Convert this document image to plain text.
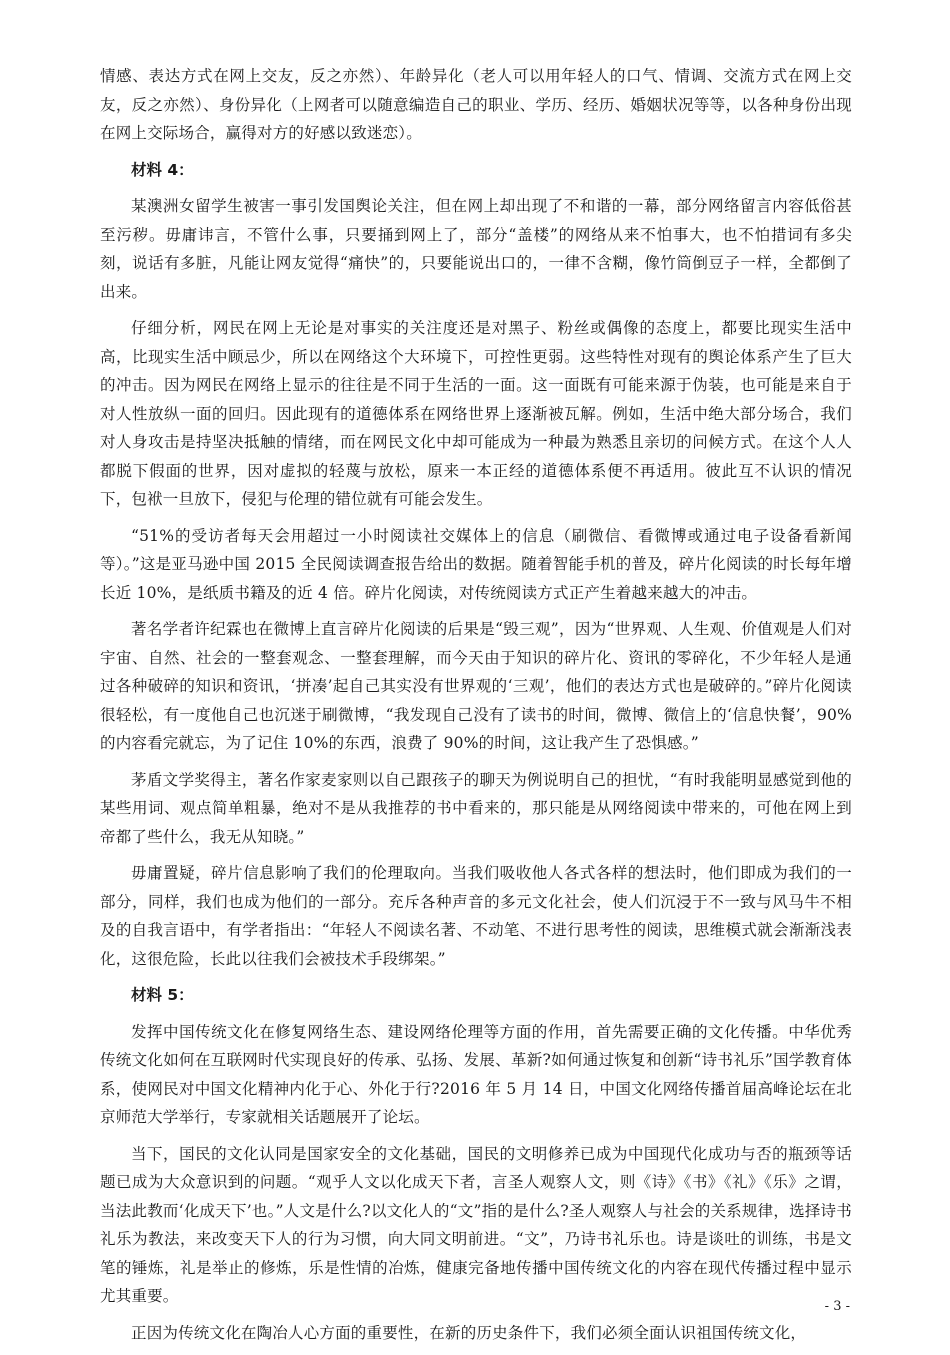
情感、表达方式在网上交友，反之亦然）、年龄异化（老人可以用年轻人的口气、情调、交流方式在网上交友，反之亦然）、身份异化（上网者可以随意编造自己的职业、学历、经历、婚姻状况等等，以各种身份出现在网上交际场合，赢得对方的好感以致迷恋）。

材料 4：

某澳洲女留学生被害一事引发国舆论关注，但在网上却出现了不和谐的一幕，部分网络留言内容低俗甚至污秽。毋庸讳言，不管什么事，只要捅到网上了，部分“盖楼”的网络从来不怕事大，也不怕措词有多尖刻，说话有多脏，凡能让网友觉得“痛快”的，只要能说出口的，一律不含糊，像竹筒倒豆子一样，全都倒了出来。

仔细分析，网民在网上无论是对事实的关注度还是对黑子、粉丝或偶像的态度上，都要比现实生活中高，比现实生活中顾忌少，所以在网络这个大环境下，可控性更弱。这些特性对现有的舆论体系产生了巨大的冲击。因为网民在网络上显示的往往是不同于生活的一面。这一面既有可能来源于伪装，也可能是来自于对人性放纵一面的回归。因此现有的道德体系在网络世界上逐渐被瓦解。例如，生活中绝大部分场合，我们对人身攻击是持坚决抵触的情绪，而在网民文化中却可能成为一种最为熟悉且亲切的问候方式。在这个人人都脱下假面的世界，因对虚拟的轻蔑与放松，原来一本正经的道德体系便不再适用。彼此互不认识的情况下，包袱一旦放下，侵犯与伦理的错位就有可能会发生。

“51%的受访者每天会用超过一小时阅读社交媒体上的信息（刷微信、看微博或通过电子设备看新闻等）。”这是亚马逊中国 2015 全民阅读调查报告给出的数据。随着智能手机的普及，碎片化阅读的时长每年增长近 10%，是纸质书籍及的近 4 倍。碎片化阅读，对传统阅读方式正产生着越来越大的冲击。

著名学者许纪霖也在微博上直言碎片化阅读的后果是“毁三观”，因为“世界观、人生观、价值观是人们对宇宙、自然、社会的一整套观念、一整套理解，而今天由于知识的碎片化、资讯的零碎化，不少年轻人是通过各种破碎的知识和资讯，‘拼凑’起自己其实没有世界观的‘三观’，他们的表达方式也是破碎的。”碎片化阅读很轻松，有一度他自己也沉迷于刷微博，“我发现自己没有了读书的时间，微博、微信上的‘信息快餐’，90%的内容看完就忘，为了记住 10%的东西，浪费了 90%的时间，这让我产生了恐惧感。”

茅盾文学奖得主，著名作家麦家则以自己跟孩子的聊天为例说明自己的担忧，“有时我能明显感觉到他的某些用词、观点简单粗暴，绝对不是从我推荐的书中看来的，那只能是从网络阅读中带来的，可他在网上到帝都了些什么，我无从知晓。”

毋庸置疑，碎片信息影响了我们的伦理取向。当我们吸收他人各式各样的想法时，他们即成为我们的一部分，同样，我们也成为他们的一部分。充斥各种声音的多元文化社会，使人们沉浸于不一致与风马牛不相及的自我言语中，有学者指出：“年轻人不阅读名著、不动笔、不进行思考性的阅读，思维模式就会渐渐浅表化，这很危险，长此以往我们会被技术手段绑架。”

材料 5：

发挥中国传统文化在修复网络生态、建设网络伦理等方面的作用，首先需要正确的文化传播。中华优秀传统文化如何在互联网时代实现良好的传承、弘扬、发展、革新?如何通过恢复和创新“诗书礼乐”国学教育体系，使网民对中国文化精神内化于心、外化于行?2016 年 5 月 14 日，中国文化网络传播首届高峰论坛在北京师范大学举行，专家就相关话题展开了论坛。

当下，国民的文化认同是国家安全的文化基础，国民的文明修养已成为中国现代化成功与否的瓶颈等话题已成为大众意识到的问题。“观乎人文以化成天下者，言圣人观察人文，则《诗》《书》《礼》《乐》之谓，当法此教而‘化成天下’也。”人文是什么?以文化人的“文”指的是什么?圣人观察人与社会的关系规律，选择诗书礼乐为教法，来改变天下人的行为习惯，向大同文明前进。“文”，乃诗书礼乐也。诗是谈吐的训练，书是文笔的锤炼，礼是举止的修炼，乐是性情的冶炼，健康完备地传播中国传统文化的内容在现代传播过程中显示尤其重要。

正因为传统文化在陶冶人心方面的重要性，在新的历史条件下，我们必须全面认识祖国传统文化，

- 3 -
